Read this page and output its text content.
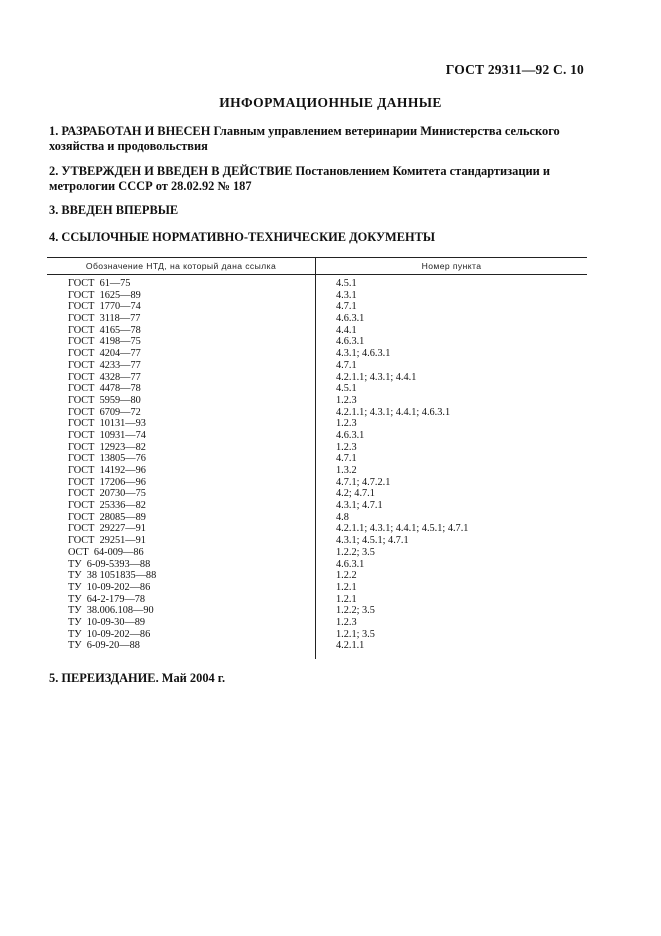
ГОСТ 29311—92 С. 10
ИНФОРМАЦИОННЫЕ ДАННЫЕ
1. РАЗРАБОТАН И ВНЕСЕН Главным управлением ветеринарии Министерства сельского хозяйства и продовольствия
2. УТВЕРЖДЕН И ВВЕДЕН В ДЕЙСТВИЕ Постановлением Комитета стандартизации и метрологии СССР от 28.02.92 № 187
3. ВВЕДЕН ВПЕРВЫЕ
4. ССЫЛОЧНЫЕ НОРМАТИВНО-ТЕХНИЧЕСКИЕ ДОКУМЕНТЫ
Обозначение НТД, на который дана ссылка	Номер пункта
ГОСТ  61—75	4.5.1
ГОСТ  1625—89	4.3.1
ГОСТ  1770—74	4.7.1
ГОСТ  3118—77	4.6.3.1
ГОСТ  4165—78	4.4.1
ГОСТ  4198—75	4.6.3.1
ГОСТ  4204—77	4.3.1; 4.6.3.1
ГОСТ  4233—77	4.7.1
ГОСТ  4328—77	4.2.1.1; 4.3.1; 4.4.1
ГОСТ  4478—78	4.5.1
ГОСТ  5959—80	1.2.3
ГОСТ  6709—72	4.2.1.1; 4.3.1; 4.4.1; 4.6.3.1
ГОСТ  10131—93	1.2.3
ГОСТ  10931—74	4.6.3.1
ГОСТ  12923—82	1.2.3
ГОСТ  13805—76	4.7.1
ГОСТ  14192—96	1.3.2
ГОСТ  17206—96	4.7.1; 4.7.2.1
ГОСТ  20730—75	4.2; 4.7.1
ГОСТ  25336—82	4.3.1; 4.7.1
ГОСТ  28085—89	4.8
ГОСТ  29227—91	4.2.1.1; 4.3.1; 4.4.1; 4.5.1; 4.7.1
ГОСТ  29251—91	4.3.1; 4.5.1; 4.7.1
ОСТ  64-009—86	1.2.2; 3.5
ТУ  6-09-5393—88	4.6.3.1
ТУ  38 1051835—88	1.2.2
ТУ  10-09-202—86	1.2.1
ТУ  64-2-179—78	1.2.1
ТУ  38.006.108—90	1.2.2; 3.5
ТУ  10-09-30—89	1.2.3
ТУ  10-09-202—86	1.2.1; 3.5
ТУ  6-09-20—88	4.2.1.1
5. ПЕРЕИЗДАНИЕ. Май 2004 г.
